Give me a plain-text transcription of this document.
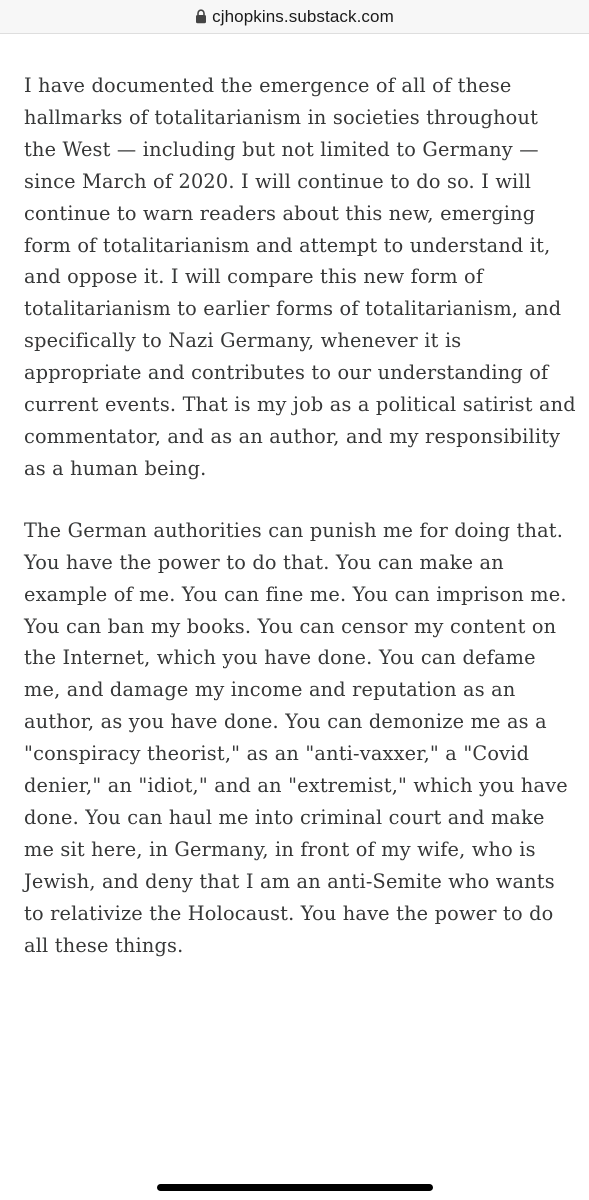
cjhopkins.substack.com

I have documented the emergence of all of these hallmarks of totalitarianism in societies throughout the West — including but not limited to Germany — since March of 2020. I will continue to do so. I will continue to warn readers about this new, emerging form of totalitarianism and attempt to understand it, and oppose it. I will compare this new form of totalitarianism to earlier forms of totalitarianism, and specifically to Nazi Germany, whenever it is appropriate and contributes to our understanding of current events. That is my job as a political satirist and commentator, and as an author, and my responsibility as a human being.

The German authorities can punish me for doing that. You have the power to do that. You can make an example of me. You can fine me. You can imprison me. You can ban my books. You can censor my content on the Internet, which you have done. You can defame me, and damage my income and reputation as an author, as you have done. You can demonize me as a "conspiracy theorist," as an "anti-vaxxer," a "Covid denier," an "idiot," and an "extremist," which you have done. You can haul me into criminal court and make me sit here, in Germany, in front of my wife, who is Jewish, and deny that I am an anti-Semite who wants to relativize the Holocaust. You have the power to do all these things.
